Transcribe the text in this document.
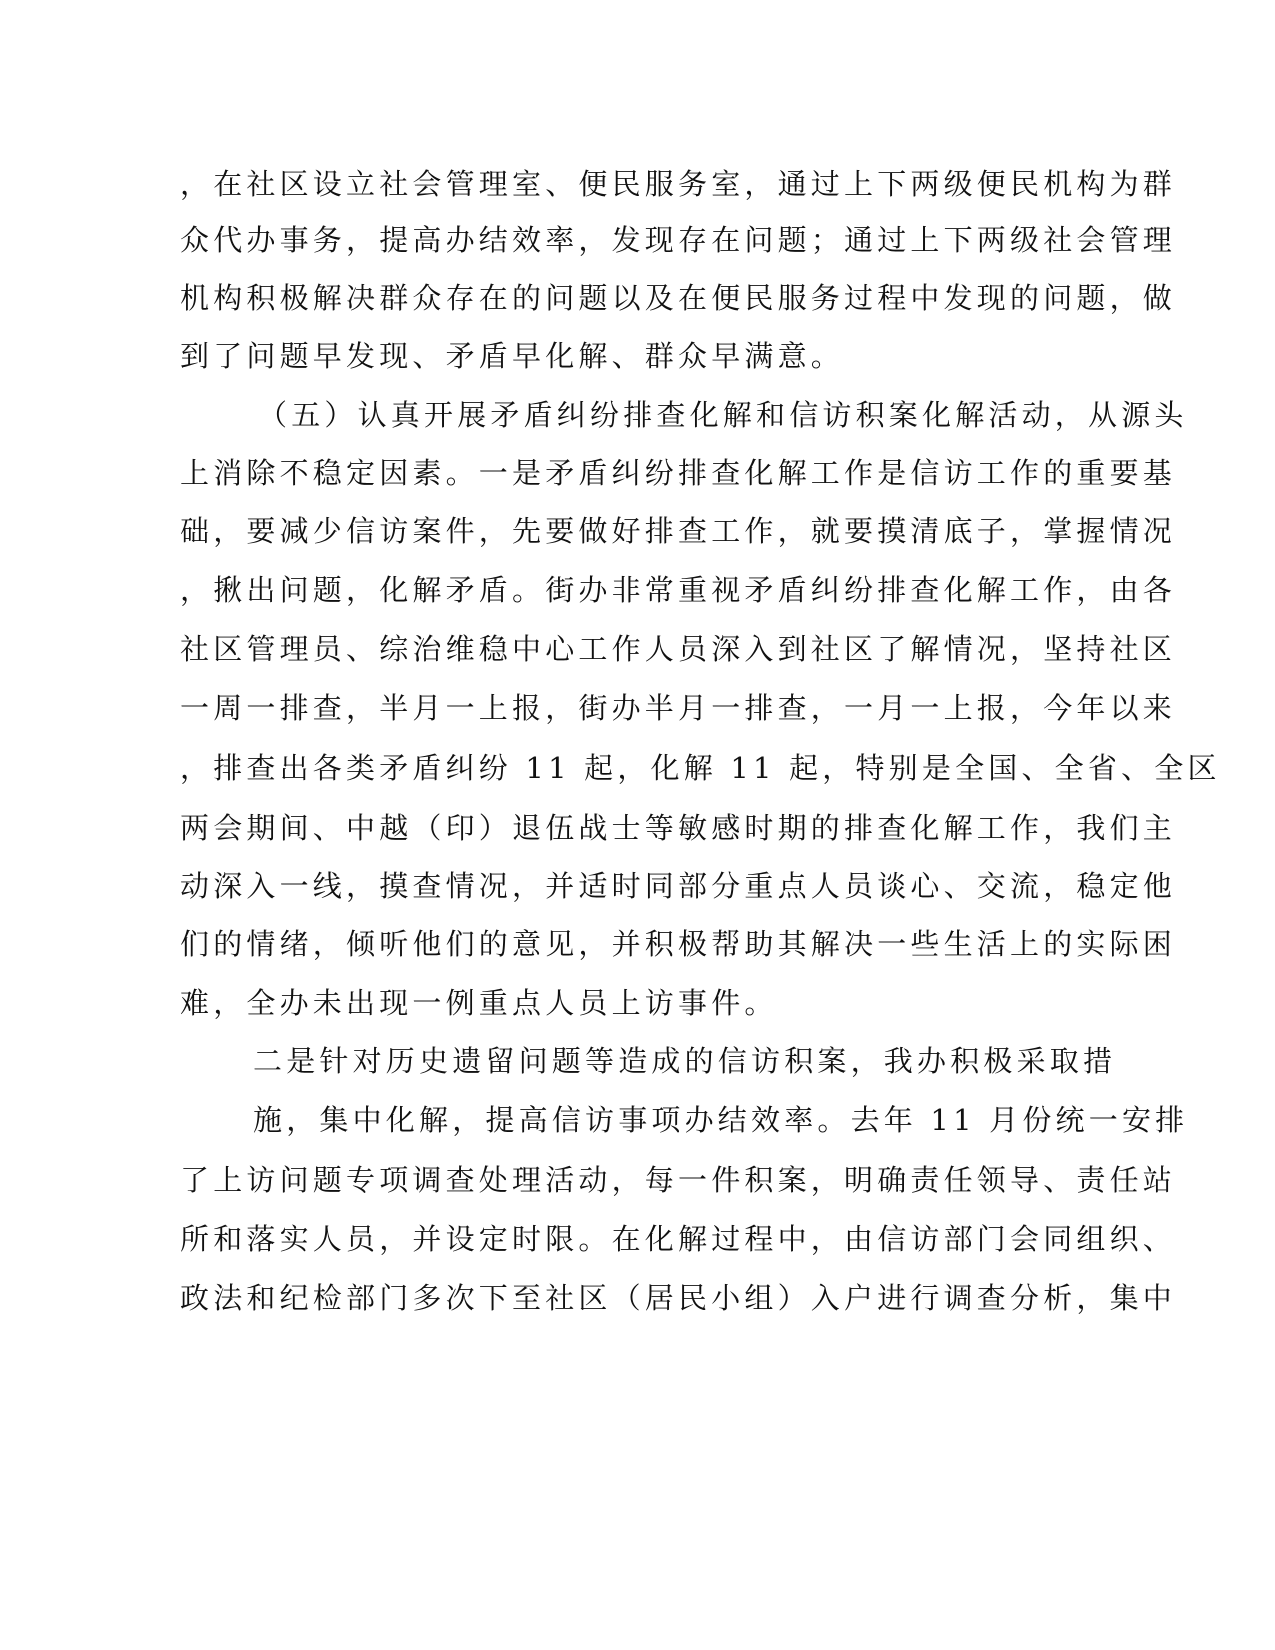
，在社区设立社会管理室、便民服务室，通过上下两级便民机构为群
众代办事务，提高办结效率，发现存在问题；通过上下两级社会管理
机构积极解决群众存在的问题以及在便民服务过程中发现的问题，做
到了问题早发现、矛盾早化解、群众早满意。
（五）认真开展矛盾纠纷排查化解和信访积案化解活动，从源头
上消除不稳定因素。一是矛盾纠纷排查化解工作是信访工作的重要基
础，要减少信访案件，先要做好排查工作，就要摸清底子，掌握情况
，揪出问题，化解矛盾。街办非常重视矛盾纠纷排查化解工作，由各
社区管理员、综治维稳中心工作人员深入到社区了解情况，坚持社区
一周一排查，半月一上报，街办半月一排查，一月一上报，今年以来
，排查出各类矛盾纠纷 11 起，化解 11 起，特别是全国、全省、全区
两会期间、中越（印）退伍战士等敏感时期的排查化解工作，我们主
动深入一线，摸查情况，并适时同部分重点人员谈心、交流，稳定他
们的情绪，倾听他们的意见，并积极帮助其解决一些生活上的实际困
难，全办未出现一例重点人员上访事件。
二是针对历史遗留问题等造成的信访积案，我办积极采取措
施，集中化解，提高信访事项办结效率。去年 11 月份统一安排
了上访问题专项调查处理活动，每一件积案，明确责任领导、责任站
所和落实人员，并设定时限。在化解过程中，由信访部门会同组织、
政法和纪检部门多次下至社区（居民小组）入户进行调查分析，集中
